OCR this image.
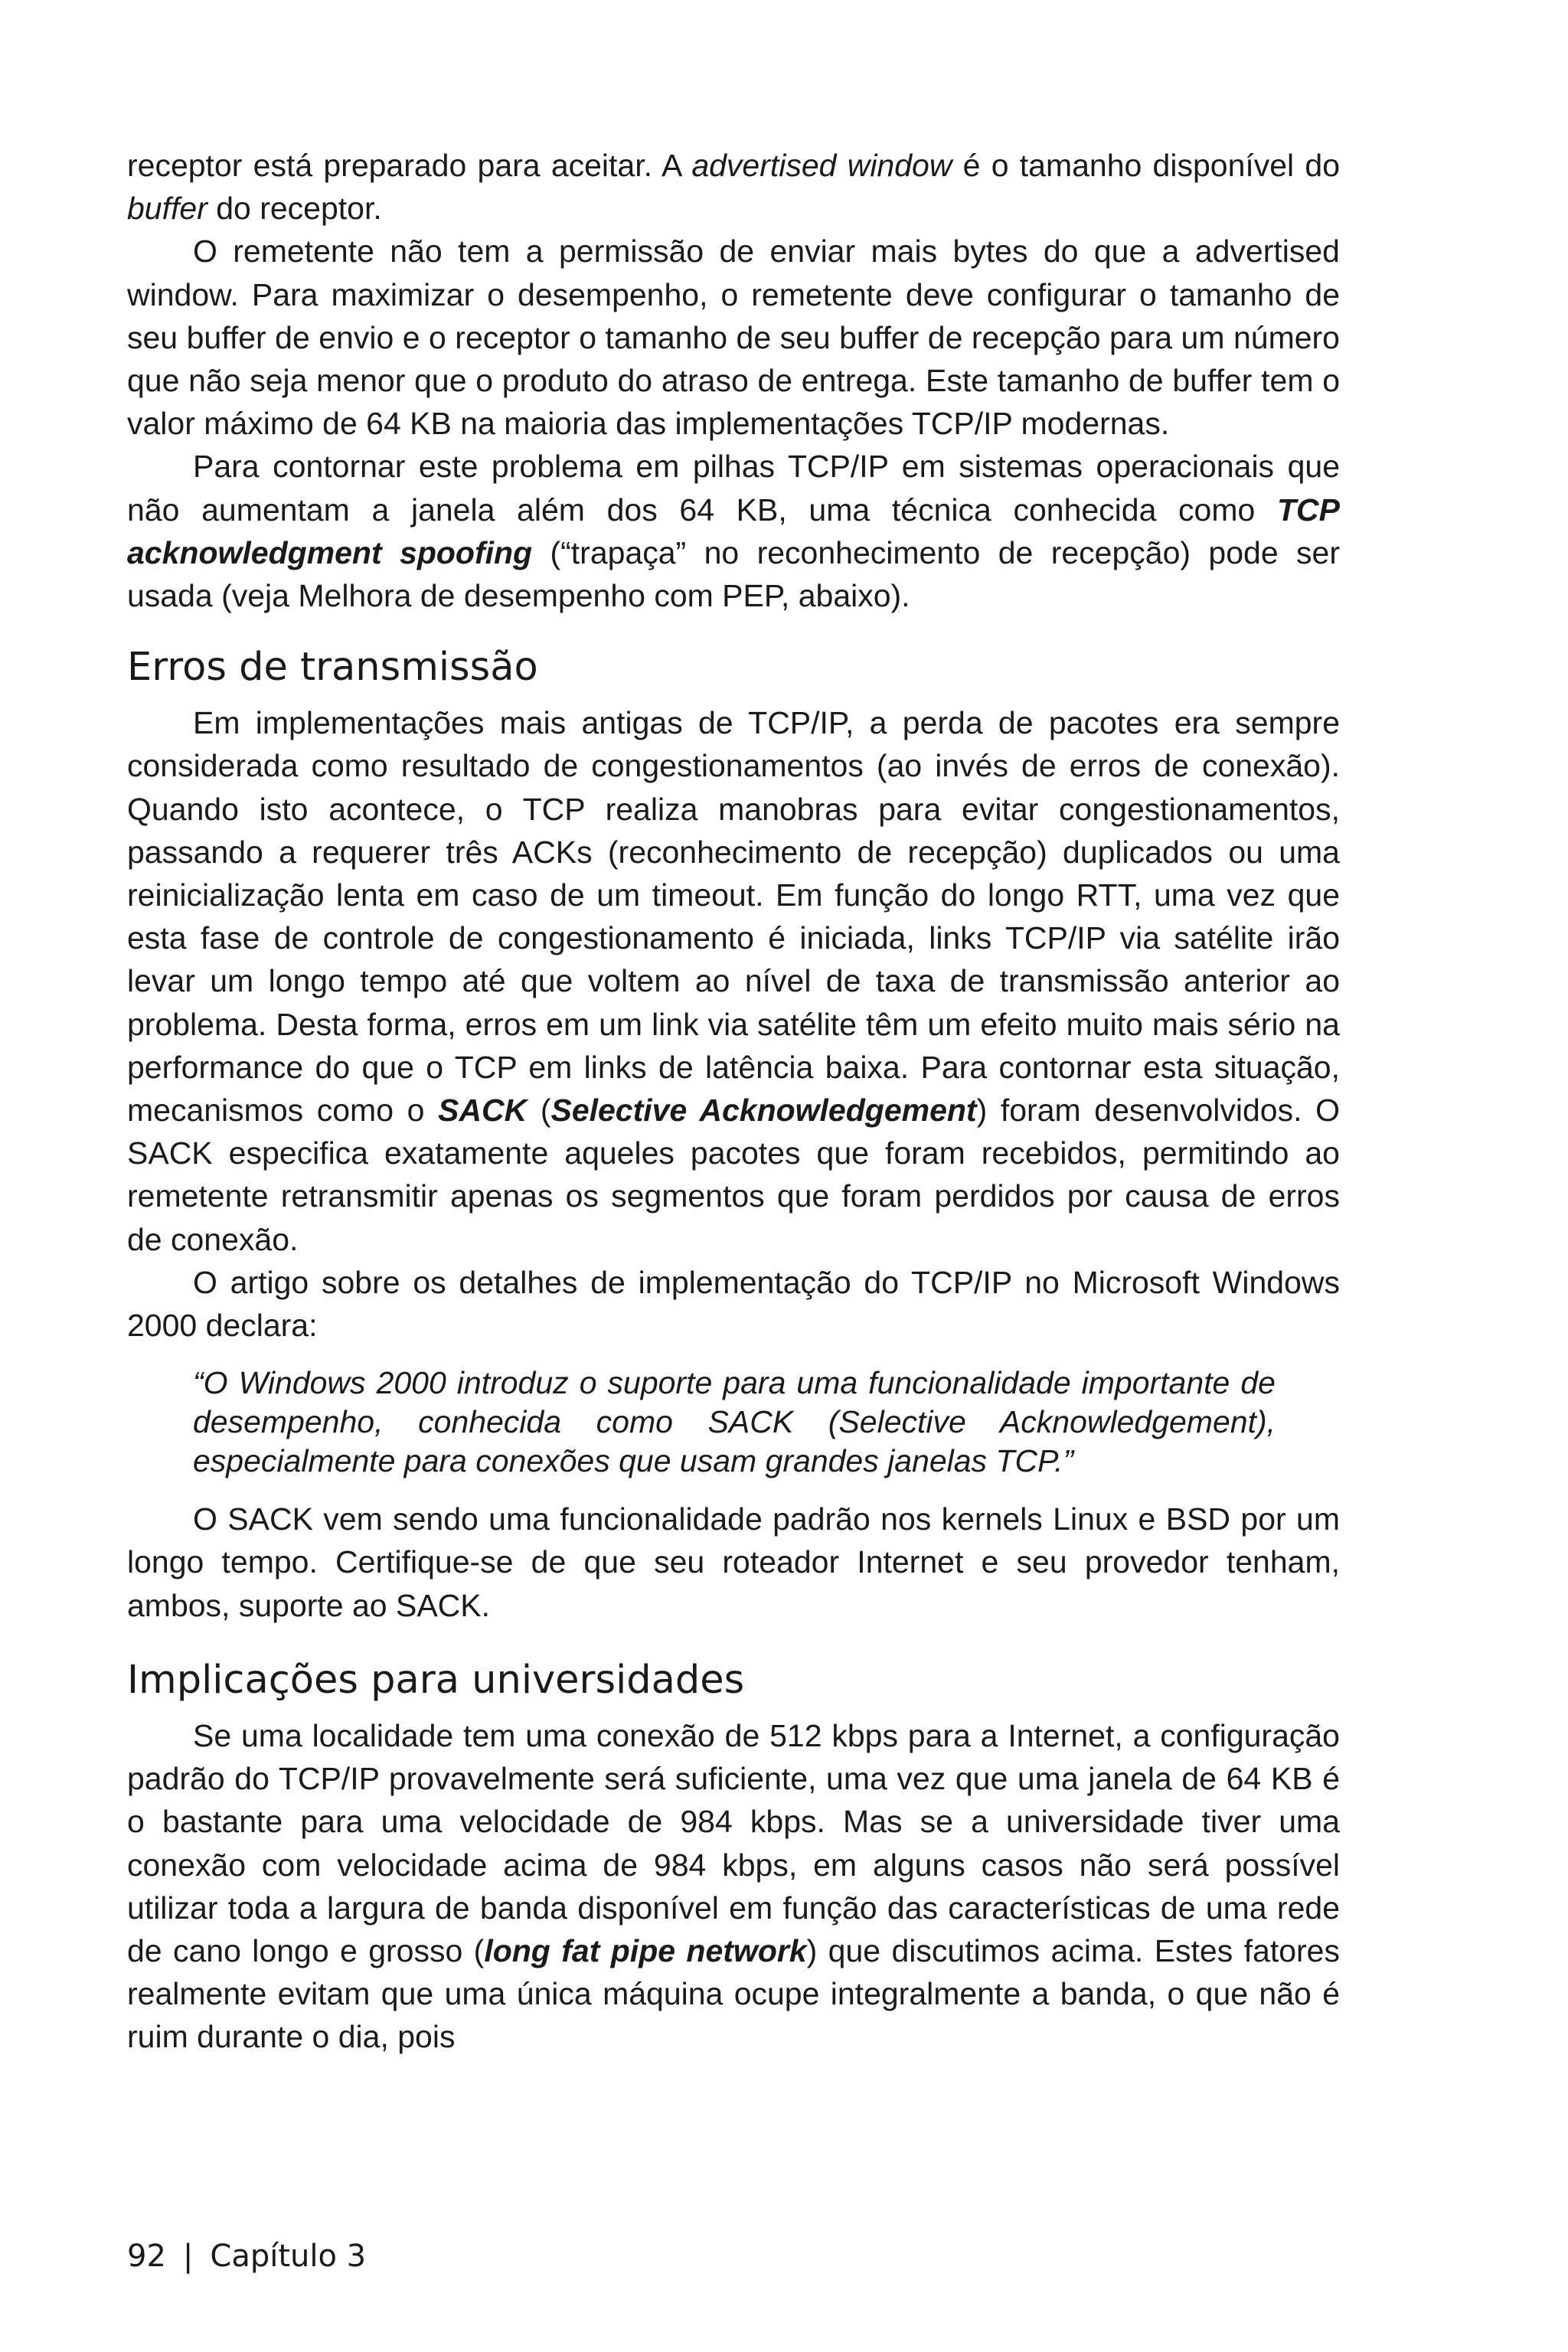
receptor está preparado para aceitar. A advertised window é o tamanho disponível do buffer do receptor.

O remetente não tem a permissão de enviar mais bytes do que a advertised window. Para maximizar o desempenho, o remetente deve configurar o tamanho de seu buffer de envio e o receptor o tamanho de seu buffer de recepção para um número que não seja menor que o produto do atraso de entrega. Este tamanho de buffer tem o valor máximo de 64 KB na maioria das implementações TCP/IP modernas.

Para contornar este problema em pilhas TCP/IP em sistemas operacionais que não aumentam a janela além dos 64 KB, uma técnica conhecida como TCP acknowledgment spoofing (“trapaça” no reconhecimento de recepção) pode ser usada (veja Melhora de desempenho com PEP, abaixo).

Erros de transmissão

Em implementações mais antigas de TCP/IP, a perda de pacotes era sempre considerada como resultado de congestionamentos (ao invés de erros de conexão). Quando isto acontece, o TCP realiza manobras para evitar congestionamentos, passando a requerer três ACKs (reconhecimento de recepção) duplicados ou uma reinicialização lenta em caso de um timeout. Em função do longo RTT, uma vez que esta fase de controle de congestionamento é iniciada, links TCP/IP via satélite irão levar um longo tempo até que voltem ao nível de taxa de transmissão anterior ao problema. Desta forma, erros em um link via satélite têm um efeito muito mais sério na performance do que o TCP em links de latência baixa. Para contornar esta situação, mecanismos como o SACK (Selective Acknowledgement) foram desenvolvidos. O SACK especifica exatamente aqueles pacotes que foram recebidos, permitindo ao remetente retransmitir apenas os segmentos que foram perdidos por causa de erros de conexão.

O artigo sobre os detalhes de implementação do TCP/IP no Microsoft Windows 2000 declara:

“O Windows 2000 introduz o suporte para uma funcionalidade importante de desempenho, conhecida como SACK (Selective Acknowledgement), especialmente para conexões que usam grandes janelas TCP.”

O SACK vem sendo uma funcionalidade padrão nos kernels Linux e BSD por um longo tempo. Certifique-se de que seu roteador Internet e seu provedor tenham, ambos, suporte ao SACK.

Implicações para universidades

Se uma localidade tem uma conexão de 512 kbps para a Internet, a configuração padrão do TCP/IP provavelmente será suficiente, uma vez que uma janela de 64 KB é o bastante para uma velocidade de 984 kbps. Mas se a universidade tiver uma conexão com velocidade acima de 984 kbps, em alguns casos não será possível utilizar toda a largura de banda disponível em função das características de uma rede de cano longo e grosso (long fat pipe network) que discutimos acima. Estes fatores realmente evitam que uma única máquina ocupe integralmente a banda, o que não é ruim durante o dia, pois

92 | Capítulo 3
